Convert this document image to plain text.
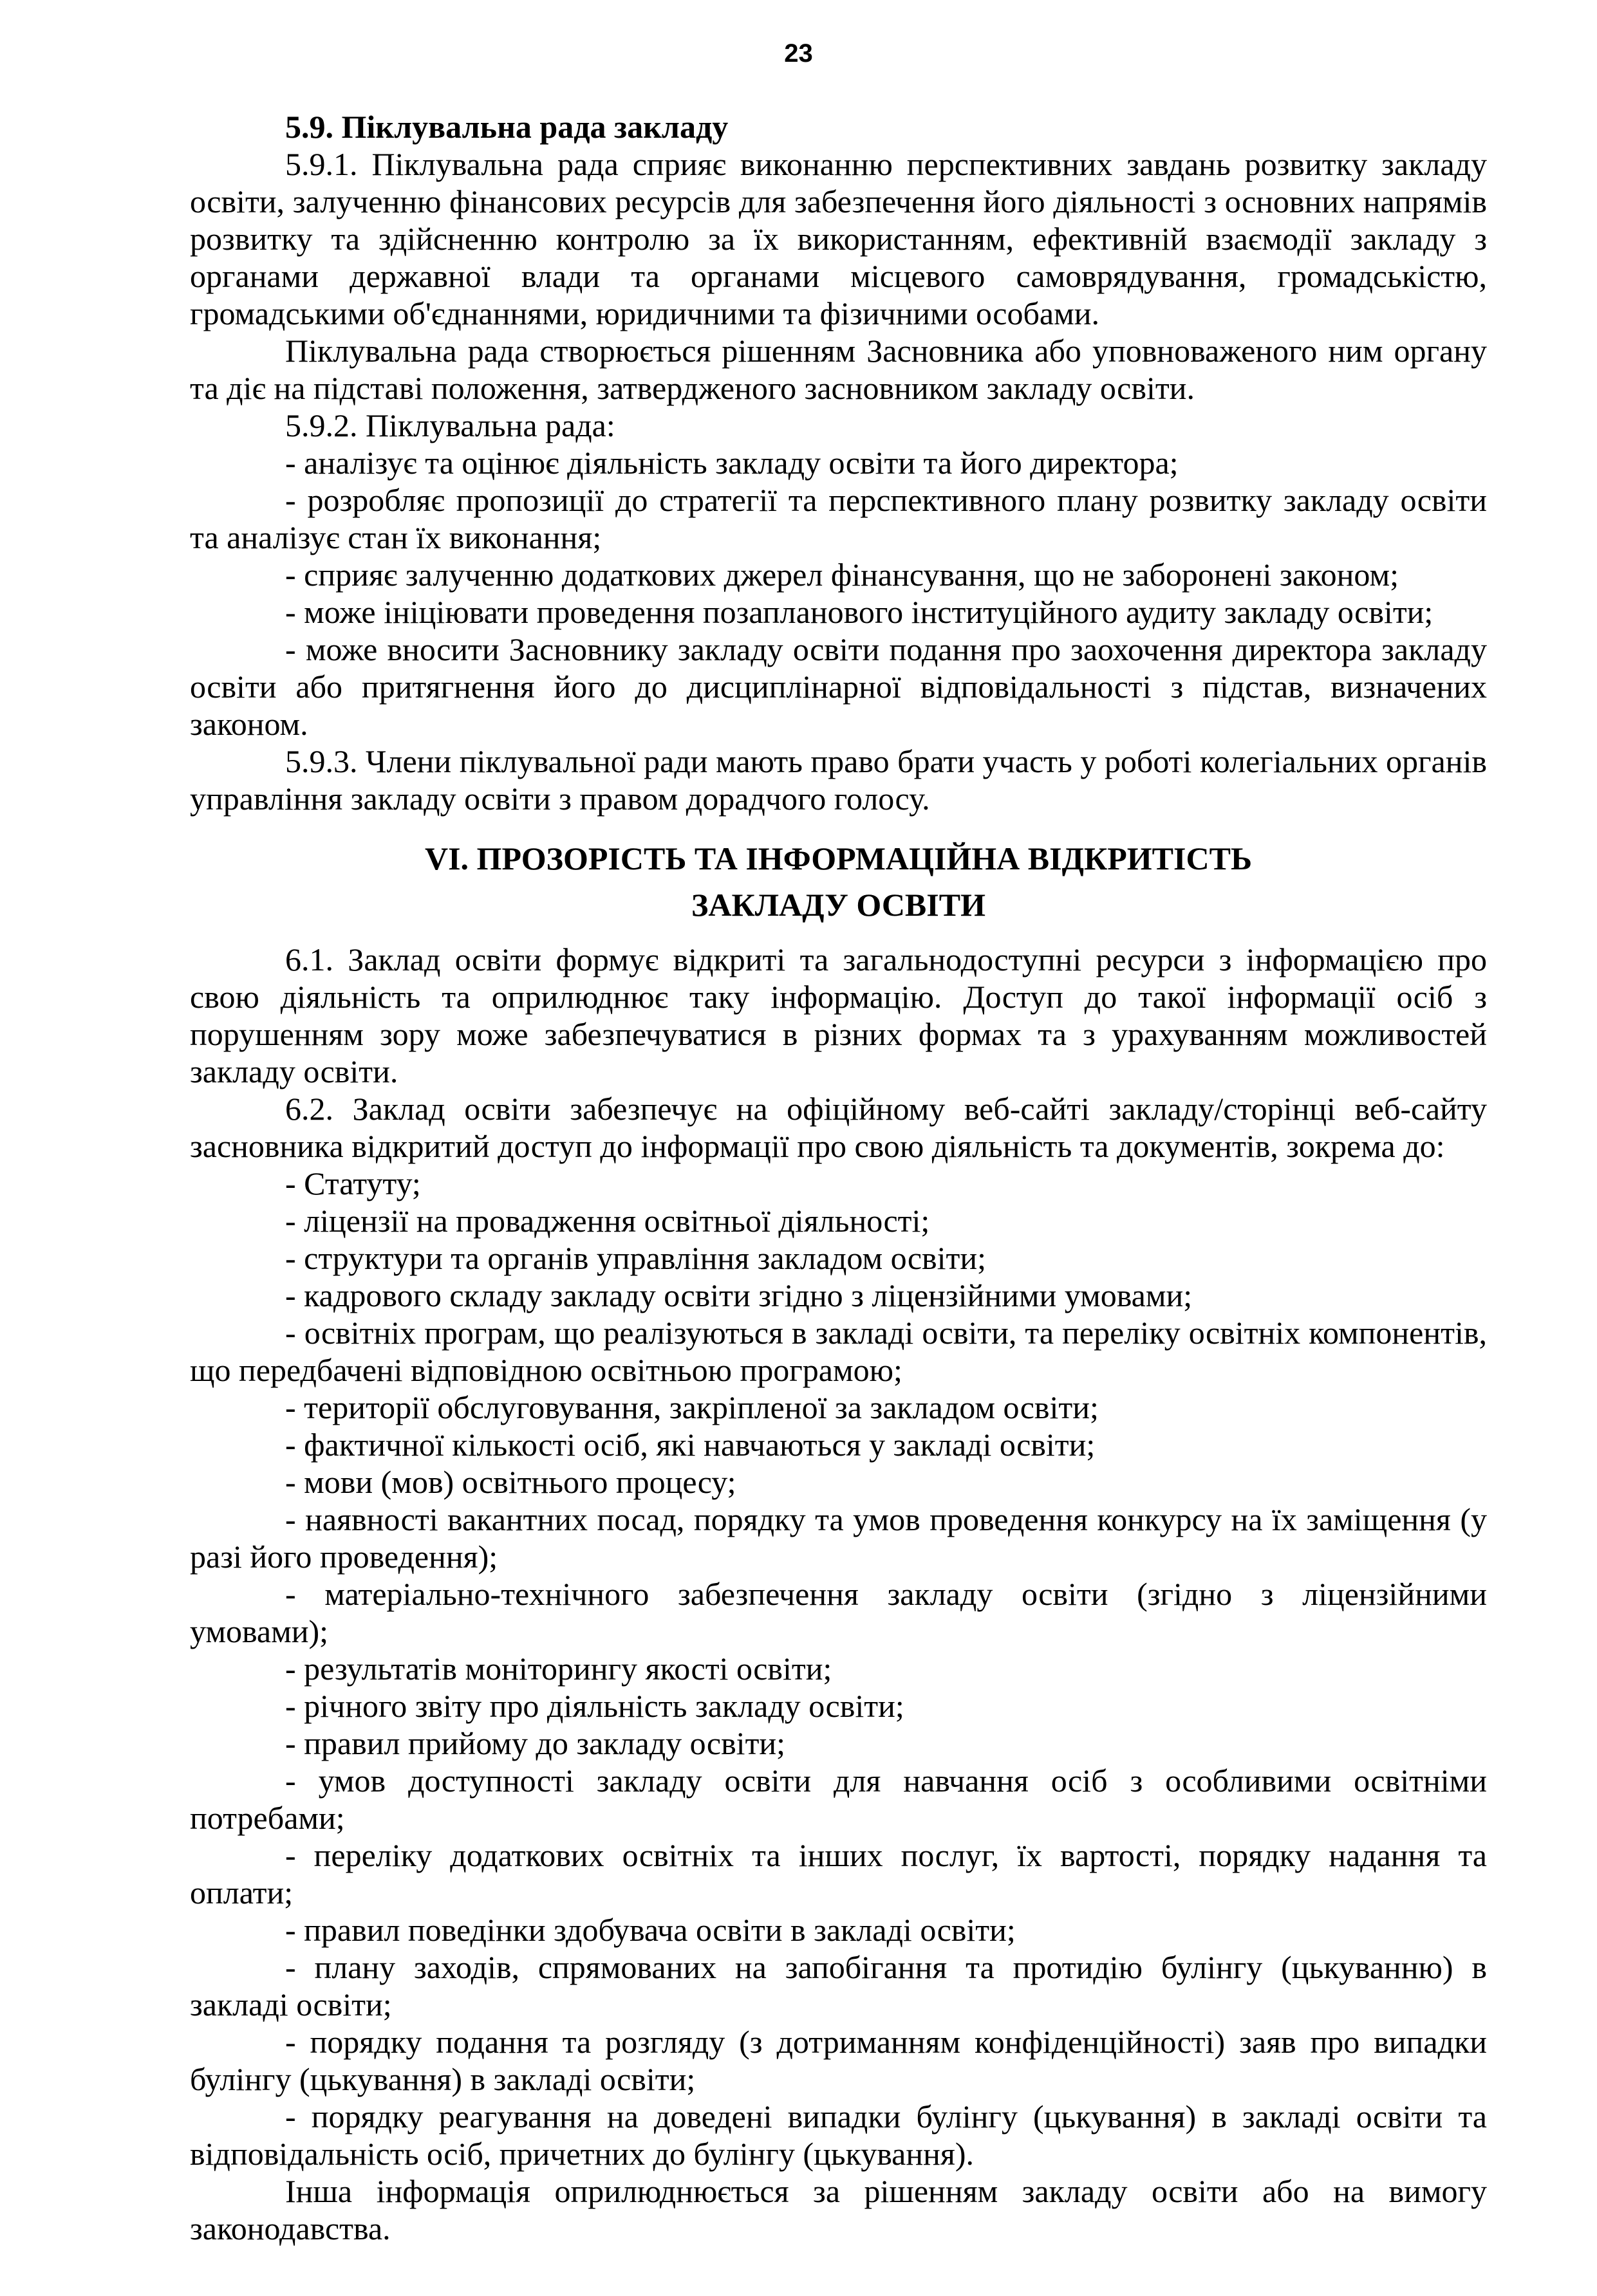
23

5.9. Піклувальна рада закладу

5.9.1. Піклувальна рада сприяє виконанню перспективних завдань розвитку закладу освіти, залученню фінансових ресурсів для забезпечення його діяльності з основних напрямів розвитку та здійсненню контролю за їх використанням, ефективній взаємодії закладу з органами державної влади та органами місцевого самоврядування, громадськістю, громадськими об'єднаннями, юридичними та фізичними особами.

Піклувальна рада створюється рішенням Засновника або уповноваженого ним органу та діє на підставі положення, затвердженого засновником закладу освіти.

5.9.2. Піклувальна рада:

- аналізує та оцінює діяльність закладу освіти та його директора;

- розробляє пропозиції до стратегії та перспективного плану розвитку закладу освіти та аналізує стан їх виконання;

- сприяє залученню додаткових джерел фінансування, що не заборонені законом;

- може ініціювати проведення позапланового інституційного аудиту закладу освіти;

- може вносити Засновнику закладу освіти подання про заохочення директора закладу освіти або притягнення його до дисциплінарної відповідальності з підстав, визначених законом.

5.9.3. Члени піклувальної ради мають право брати участь у роботі колегіальних органів управління закладу освіти з правом дорадчого голосу.

VI. ПРОЗОРІСТЬ ТА ІНФОРМАЦІЙНА ВІДКРИТІСТЬ
ЗАКЛАДУ ОСВІТИ

6.1. Заклад освіти формує відкриті та загальнодоступні ресурси з інформацією про свою діяльність та оприлюднює таку інформацію. Доступ до такої інформації осіб з порушенням зору може забезпечуватися в різних формах та з урахуванням можливостей закладу освіти.

6.2. Заклад освіти забезпечує на офіційному веб-сайті закладу/сторінці веб-сайту засновника відкритий доступ до інформації про свою діяльність та документів, зокрема до:

- Статуту;

- ліцензії на провадження освітньої діяльності;

- структури та органів управління закладом освіти;

- кадрового складу закладу освіти згідно з ліцензійними умовами;

- освітніх програм, що реалізуються в закладі освіти, та переліку освітніх компонентів, що передбачені відповідною освітньою програмою;

- території обслуговування, закріпленої за закладом освіти;

- фактичної кількості осіб, які навчаються у закладі освіти;

- мови (мов) освітнього процесу;

- наявності вакантних посад, порядку та умов проведення конкурсу на їх заміщення (у разі його проведення);

- матеріально-технічного забезпечення закладу освіти (згідно з ліцензійними умовами);

- результатів моніторингу якості освіти;

- річного звіту про діяльність закладу освіти;

- правил прийому до закладу освіти;

- умов доступності закладу освіти для навчання осіб з особливими освітніми потребами;

- переліку додаткових освітніх та інших послуг, їх вартості, порядку надання та оплати;

- правил поведінки здобувача освіти в закладі освіти;

- плану заходів, спрямованих на запобігання та протидію булінгу (цькуванню) в закладі освіти;

- порядку подання та розгляду (з дотриманням конфіденційності) заяв про випадки булінгу (цькування) в закладі освіти;

- порядку реагування на доведені випадки булінгу (цькування) в закладі освіти та відповідальність осіб, причетних до булінгу (цькування).

Інша інформація оприлюднюється за рішенням закладу освіти або на вимогу законодавства.
